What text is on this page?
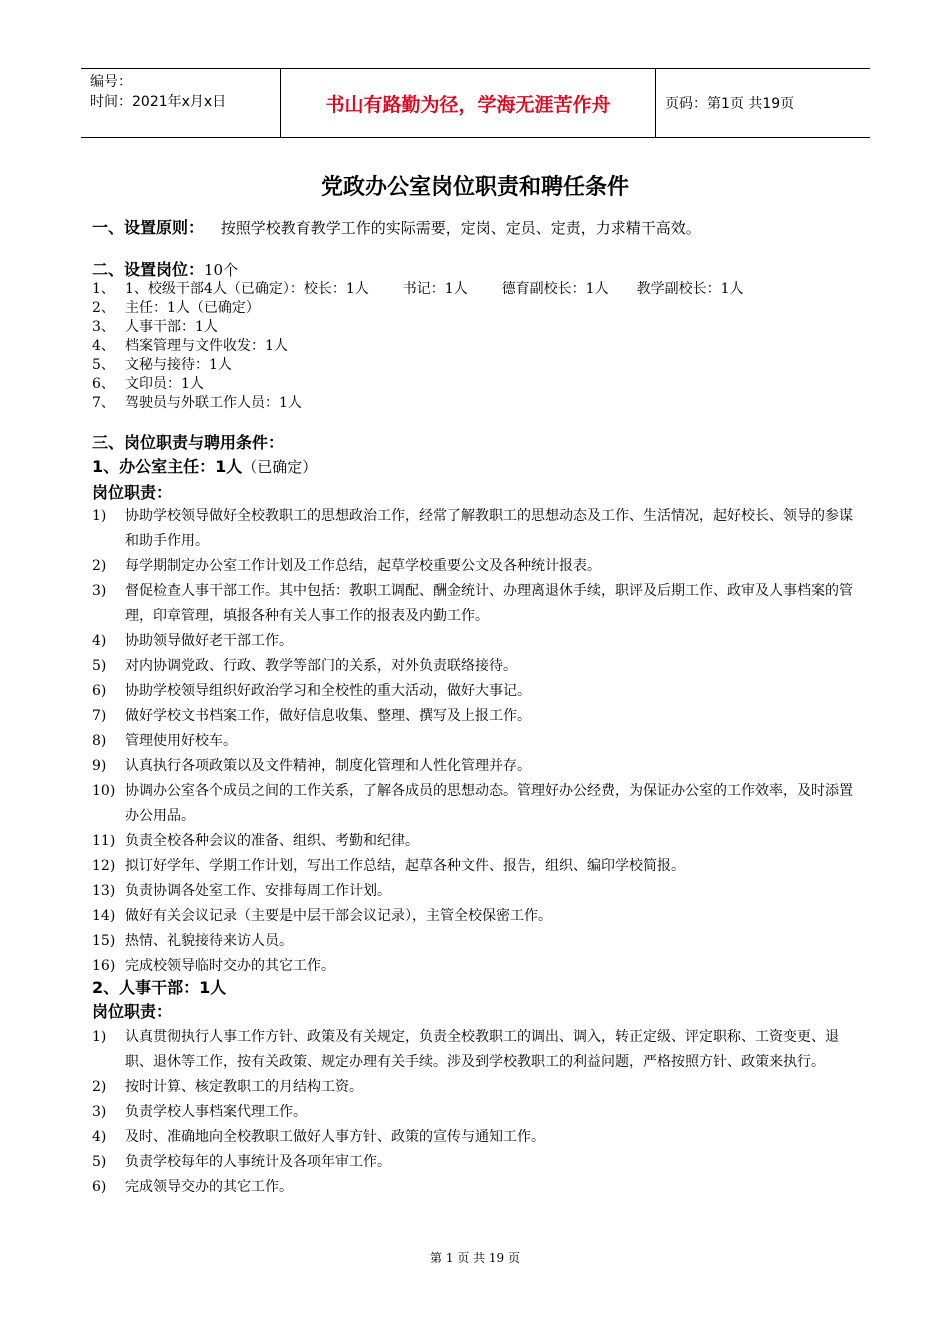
编号：
时间：2021年x月x日	书山有路勤为径，学海无涯苦作舟	页码：第1页 共19页
党政办公室岗位职责和聘任条件
一、设置原则： 按照学校教育教学工作的实际需要，定岗、定员、定责，力求精干高效。
二、设置岗位：10个
1、 1、校级干部4人（已确定）：校长：1人 书记：1人 德育副校长：1人 教学副校长：1人
2、 主任：1人（已确定）
3、 人事干部：1人
4、 档案管理与文件收发：1人
5、 文秘与接待：1人
6、 文印员：1人
7、 驾驶员与外联工作人员：1人
三、岗位职责与聘用条件：
1、办公室主任：1人（已确定）
岗位职责：
1)	协助学校领导做好全校教职工的思想政治工作，经常了解教职工的思想动态及工作、生活情况，起好校长、领导的参谋和助手作用。
2)	每学期制定办公室工作计划及工作总结，起草学校重要公文及各种统计报表。
3)	督促检查人事干部工作。其中包括：教职工调配、酬金统计、办理离退休手续，职评及后期工作、政审及人事档案的管理，印章管理，填报各种有关人事工作的报表及内勤工作。
4)	协助领导做好老干部工作。
5)	对内协调党政、行政、教学等部门的关系，对外负责联络接待。
6)	协助学校领导组织好政治学习和全校性的重大活动，做好大事记。
7)	做好学校文书档案工作，做好信息收集、整理、撰写及上报工作。
8)	管理使用好校车。
9)	认真执行各项政策以及文件精神，制度化管理和人性化管理并存。
10) 协调办公室各个成员之间的工作关系，了解各成员的思想动态。管理好办公经费，为保证办公室的工作效率，及时添置办公用品。
11) 负责全校各种会议的准备、组织、考勤和纪律。
12) 拟订好学年、学期工作计划，写出工作总结，起草各种文件、报告，组织、编印学校简报。
13) 负责协调各处室工作、安排每周工作计划。
14) 做好有关会议记录（主要是中层干部会议记录），主管全校保密工作。
15) 热情、礼貌接待来访人员。
16) 完成校领导临时交办的其它工作。
2、人事干部：1人
岗位职责：
1)	认真贯彻执行人事工作方针、政策及有关规定，负责全校教职工的调出、调入，转正定级、评定职称、工资变更、退职、退休等工作，按有关政策、规定办理有关手续。涉及到学校教职工的利益问题，严格按照方针、政策来执行。
2)	按时计算、核定教职工的月结构工资。
3)	负责学校人事档案代理工作。
4)	及时、准确地向全校教职工做好人事方针、政策的宣传与通知工作。
5)	负责学校每年的人事统计及各项年审工作。
6)	完成领导交办的其它工作。
第 1 页 共 19 页
